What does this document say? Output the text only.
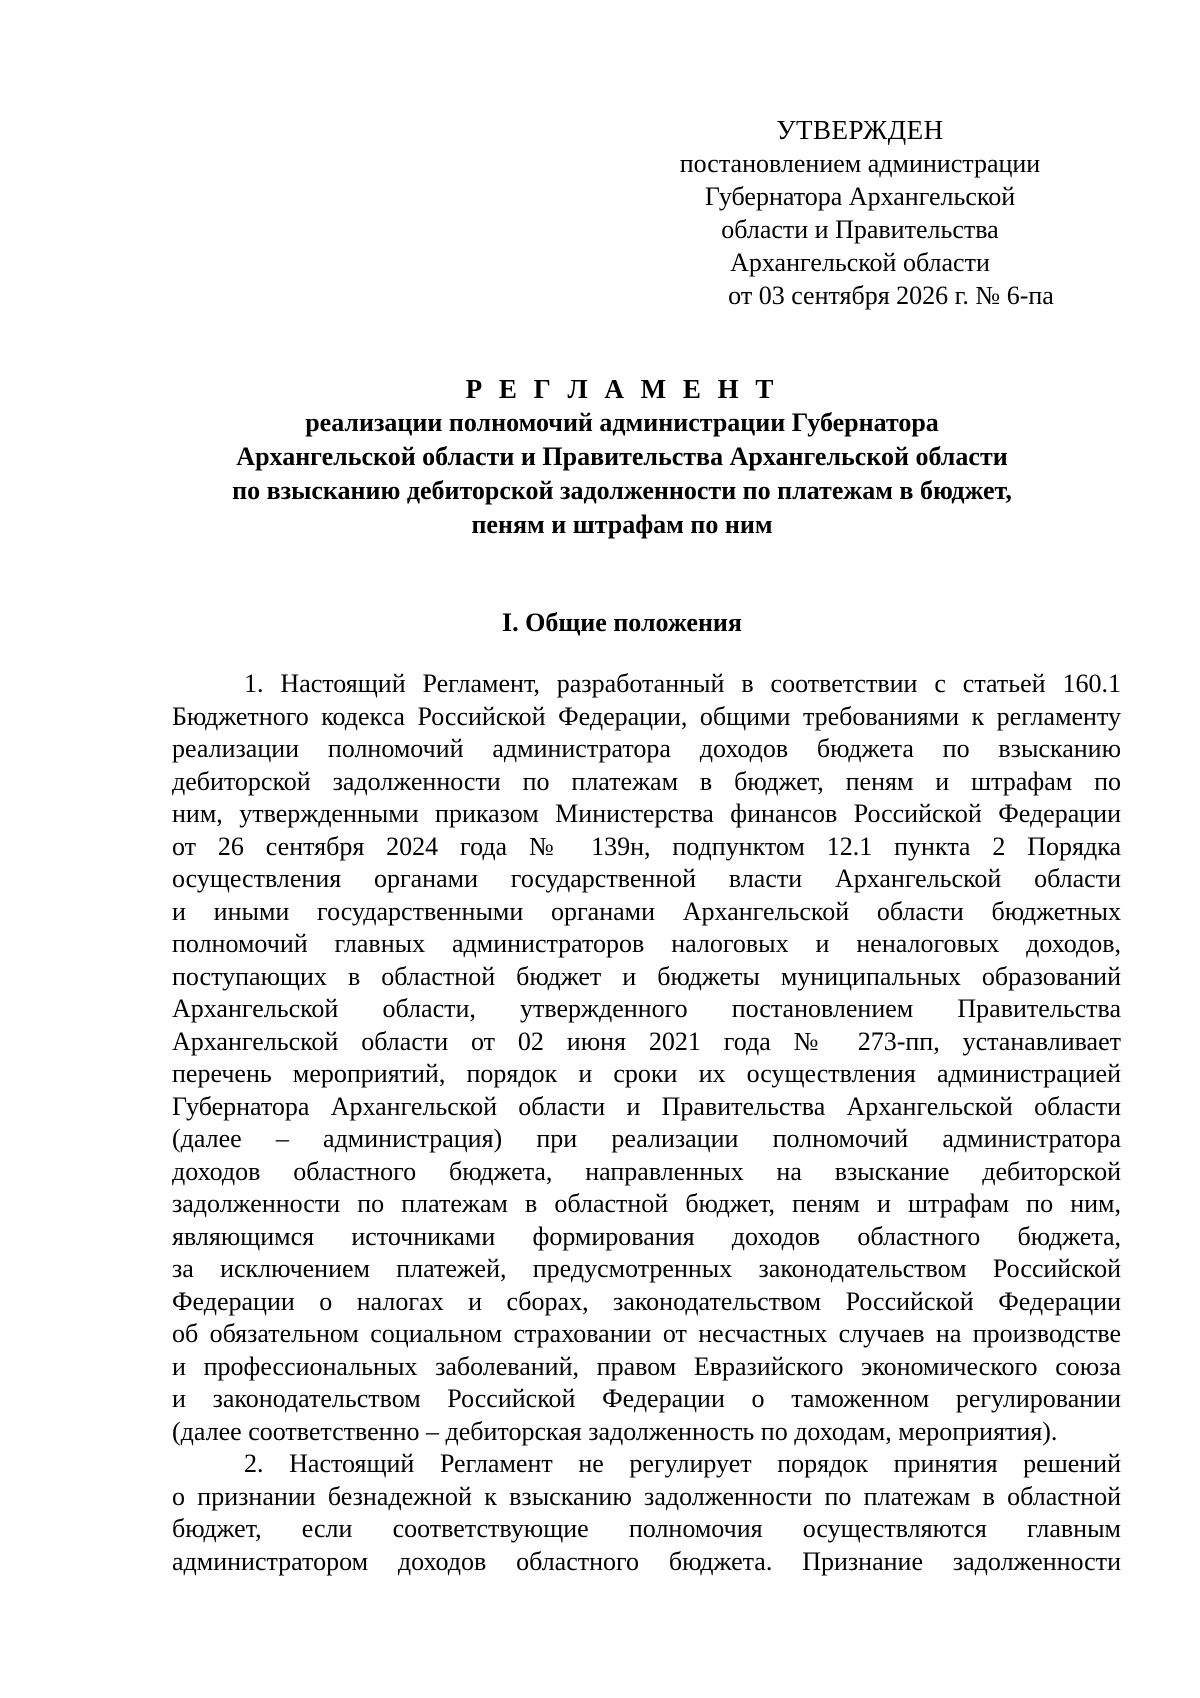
УТВЕРЖДЕН
постановлением администрации
Губернатора Архангельской
области и Правительства
Архангельской области
от 03 сентября 2026 г. № 6-па
Р Е Г Л А М Е Н Т
реализации полномочий администрации Губернатора
Архангельской области и Правительства Архангельской области
по взысканию дебиторской задолженности по платежам в бюджет,
пеням и штрафам по ним
I. Общие положения
1. Настоящий Регламент, разработанный в соответствии с статьей 160.1
Бюджетного кодекса Российской Федерации, общими требованиями к регламенту
реализации полномочий администратора доходов бюджета по взысканию
дебиторской задолженности по платежам в бюджет, пеням и штрафам по
ним, утвержденными приказом Министерства финансов Российской Федерации
от 26 сентября 2024 года № 139н, подпунктом 12.1 пункта 2 Порядка
осуществления органами государственной власти Архангельской области
и иными государственными органами Архангельской области бюджетных
полномочий главных администраторов налоговых и неналоговых доходов,
поступающих в областной бюджет и бюджеты муниципальных образований
Архангельской области, утвержденного постановлением Правительства
Архангельской области от 02 июня 2021 года № 273-пп, устанавливает
перечень мероприятий, порядок и сроки их осуществления администрацией
Губернатора Архангельской области и Правительства Архангельской области
(далее – администрация) при реализации полномочий администратора
доходов областного бюджета, направленных на взыскание дебиторской
задолженности по платежам в областной бюджет, пеням и штрафам по ним,
являющимся источниками формирования доходов областного бюджета,
за исключением платежей, предусмотренных законодательством Российской
Федерации о налогах и сборах, законодательством Российской Федерации
об обязательном социальном страховании от несчастных случаев на производстве
и профессиональных заболеваний, правом Евразийского экономического союза
и законодательством Российской Федерации о таможенном регулировании
(далее соответственно – дебиторская задолженность по доходам, мероприятия).
2. Настоящий Регламент не регулирует порядок принятия решений
о признании безнадежной к взысканию задолженности по платежам в областной
бюджет, если соответствующие полномочия осуществляются главным
администратором доходов областного бюджета. Признание задолженности
